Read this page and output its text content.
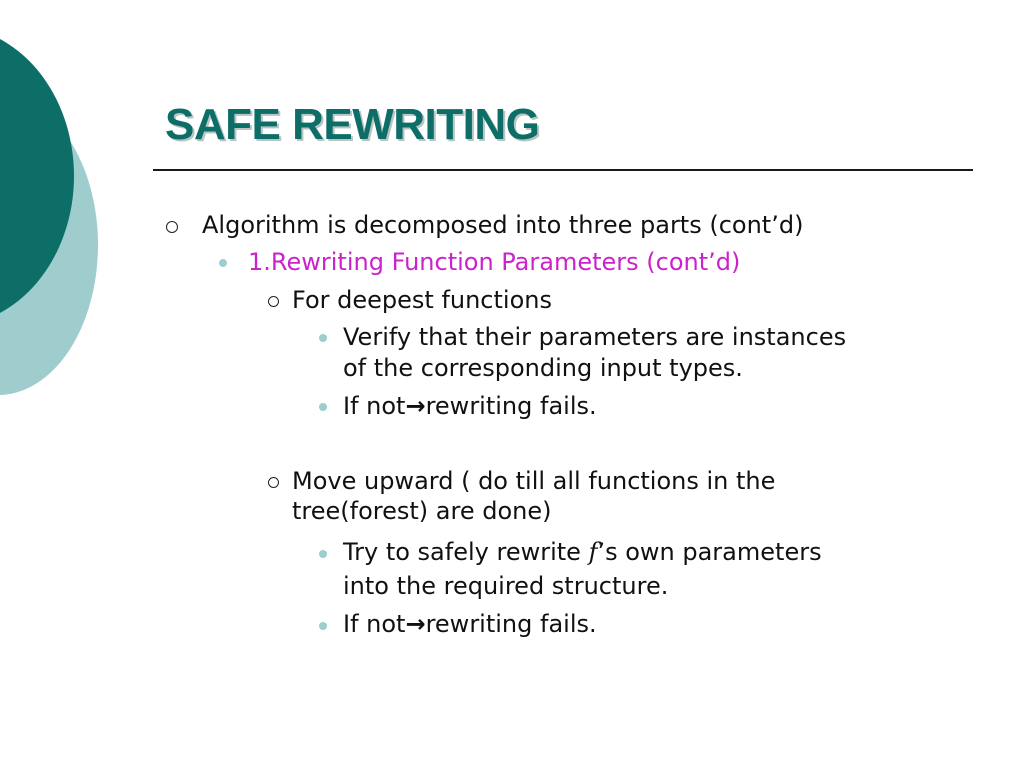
SAFE REWRITING
Algorithm is decomposed into three parts (cont’d)
1.Rewriting Function Parameters (cont’d)
For deepest functions
Verify that their parameters are instances
of the corresponding input types.
If not→rewriting fails.
Move upward ( do till all functions in the
tree(forest) are done)
Try to safely rewrite f’s own parameters
into the required structure.
If not→rewriting fails.
